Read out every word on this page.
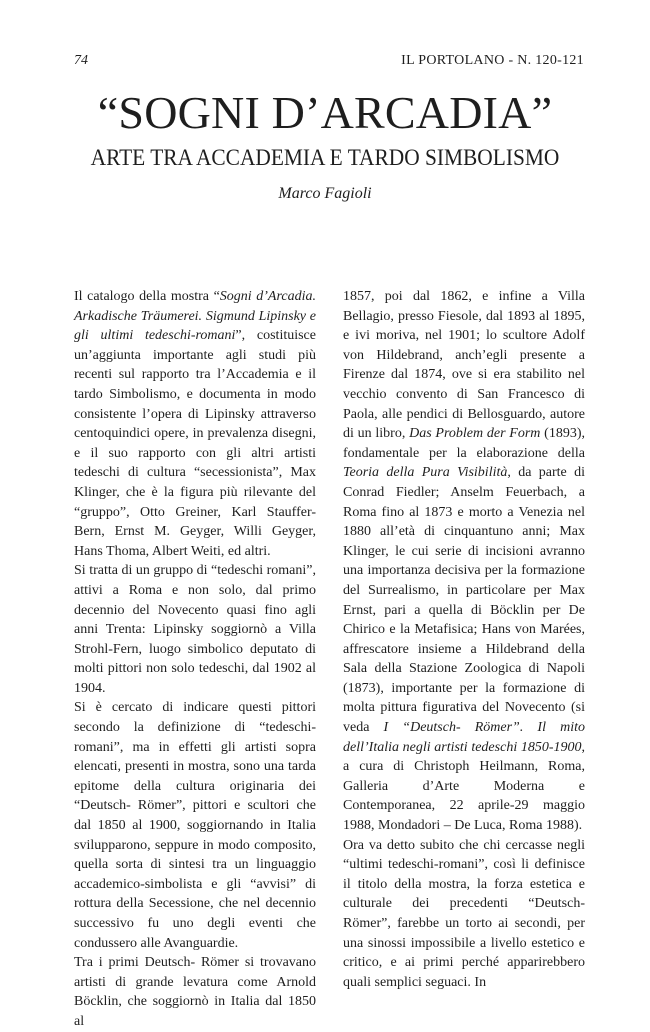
74	IL PORTOLANO - N. 120-121
“SOGNI D’ARCADIA”
ARTE TRA ACCADEMIA E TARDO SIMBOLISMO
Marco Fagioli

Il catalogo della mostra “Sogni d’Arcadia. Arkadische Träumerei. Sigmund Lipinsky e gli ultimi tedeschi-romani”, costituisce un’aggiunta importante agli studi più recenti sul rapporto tra l’Accademia e il tardo Simbolismo, e documenta in modo consistente l’opera di Lipinsky attraverso centoquindici opere, in prevalenza disegni, e il suo rapporto con gli altri artisti tedeschi di cultura “secessionista”, Max Klinger, che è la figura più rilevante del “gruppo”, Otto Greiner, Karl Stauffer-Bern, Ernst M. Geyger, Willi Geyger, Hans Thoma, Albert Weiti, ed altri.

Si tratta di un gruppo di “tedeschi romani”, attivi a Roma e non solo, dal primo decennio del Novecento quasi fino agli anni Trenta: Lipinsky soggiornò a Villa Strohl-Fern, luogo simbolico deputato di molti pittori non solo tedeschi, dal 1902 al 1904.

Si è cercato di indicare questi pittori secondo la definizione di “tedeschi-romani”, ma in effetti gli artisti sopra elencati, presenti in mostra, sono una tarda epitome della cultura originaria dei “Deutsch- Römer”, pittori e scultori che dal 1850 al 1900, soggiornando in Italia svilupparono, seppure in modo composito, quella sorta di sintesi tra un linguaggio accademico-simbolista e gli “avvisi” di rottura della Secessione, che nel decennio successivo fu uno degli eventi che condussero alle Avanguardie.

Tra i primi Deutsch- Römer si trovavano artisti di grande levatura come Arnold Böcklin, che soggiornò in Italia dal 1850 al

1857, poi dal 1862, e infine a Villa Bellagio, presso Fiesole, dal 1893 al 1895, e ivi moriva, nel 1901; lo scultore Adolf von Hildebrand, anch’egli presente a Firenze dal 1874, ove si era stabilito nel vecchio convento di San Francesco di Paola, alle pendici di Bellosguardo, autore di un libro, Das Problem der Form (1893), fondamentale per la elaborazione della Teoria della Pura Visibilità, da parte di Conrad Fiedler; Anselm Feuerbach, a Roma fino al 1873 e morto a Venezia nel 1880 all’età di cinquantuno anni; Max Klinger, le cui serie di incisioni avranno una importanza decisiva per la formazione del Surrealismo, in particolare per Max Ernst, pari a quella di Böcklin per De Chirico e la Metafisica; Hans von Marées, affrescatore insieme a Hildebrand della Sala della Stazione Zoologica di Napoli (1873), importante per la formazione di molta pittura figurativa del Novecento (si veda I “Deutsch- Römer”. Il mito dell’Italia negli artisti tedeschi 1850-1900, a cura di Christoph Heilmann, Roma, Galleria d’Arte Moderna e Contemporanea, 22 aprile-29 maggio 1988, Mondadori – De Luca, Roma 1988).

Ora va detto subito che chi cercasse negli “ultimi tedeschi-romani”, così li definisce il titolo della mostra, la forza estetica e culturale dei precedenti “Deutsch- Römer”, farebbe un torto ai secondi, per una sinossi impossibile a livello estetico e critico, e ai primi perché apparirebbero quali semplici seguaci. In
